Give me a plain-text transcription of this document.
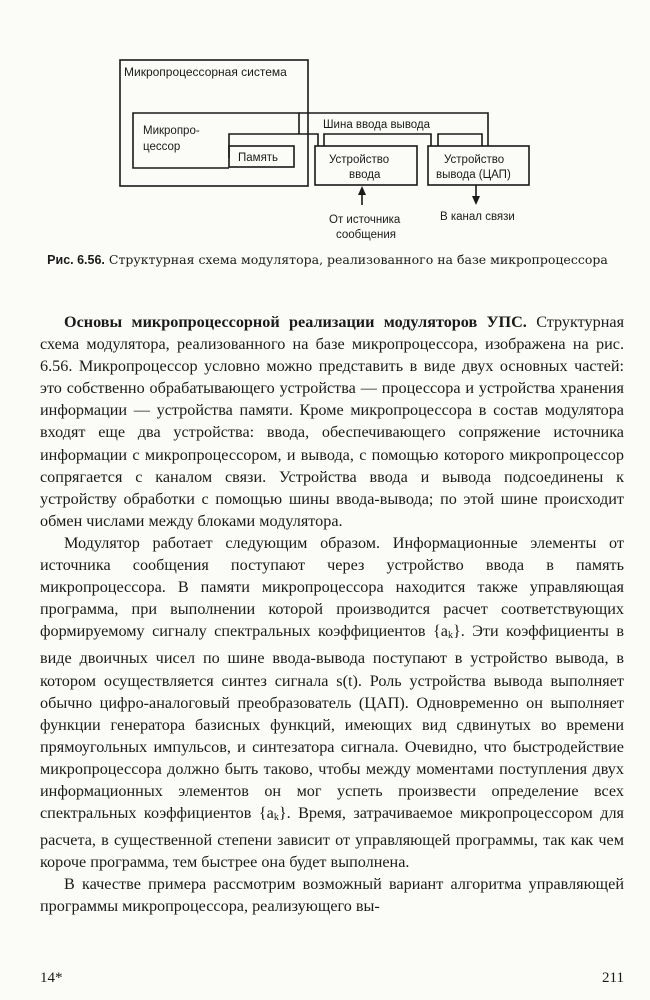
Микропроцессорная система
Микропро-
цессор
Память
Шина ввода вывода
Устройство
ввода
Устройство
вывода (ЦАП)
От источника
сообщения
В канал связи
Рис. 6.56. Структурная схема модулятора, реализованного на базе микропроцессора

Основы микропроцессорной реализации модуляторов УПС. Структурная схема модулятора, реализованного на базе микропроцессора, изображена на рис. 6.56. Микропроцессор условно можно представить в виде двух основных частей: это собственно обрабатывающего устройства — процессора и устройства хранения информации — устройства памяти. Кроме микропроцессора в состав модулятора входят еще два устройства: ввода, обеспечивающего сопряжение источника информации с микропроцессором, и вывода, с помощью которого микропроцессор сопрягается с каналом связи. Устройства ввода и вывода подсоединены к устройству обработки с помощью шины ввода-вывода; по этой шине происходит обмен числами между блоками модулятора.

Модулятор работает следующим образом. Информационные элементы от источника сообщения поступают через устройство ввода в память микропроцессора. В памяти микропроцессора находится также управляющая программа, при выполнении которой производится расчет соответствующих формируемому сигналу спектральных коэффициентов $\{a_k\}$. Эти коэффициенты в виде двоичных чисел по шине ввода-вывода поступают в устройство вывода, в котором осуществляется синтез сигнала s(t). Роль устройства вывода выполняет обычно цифро-аналоговый преобразователь (ЦАП). Одновременно он выполняет функции генератора базисных функций, имеющих вид сдвинутых во времени прямоугольных импульсов, и синтезатора сигнала. Очевидно, что быстродействие микропроцессора должно быть таково, чтобы между моментами поступления двух информационных элементов он мог успеть произвести определение всех спектральных коэффициентов $\{a_k\}$. Время, затрачиваемое микропроцессором для расчета, в существенной степени зависит от управляющей программы, так как чем короче программа, тем быстрее она будет выполнена.

В качестве примера рассмотрим возможный вариант алгоритма управляющей программы микропроцессора, реализующего вы-

14*	211
